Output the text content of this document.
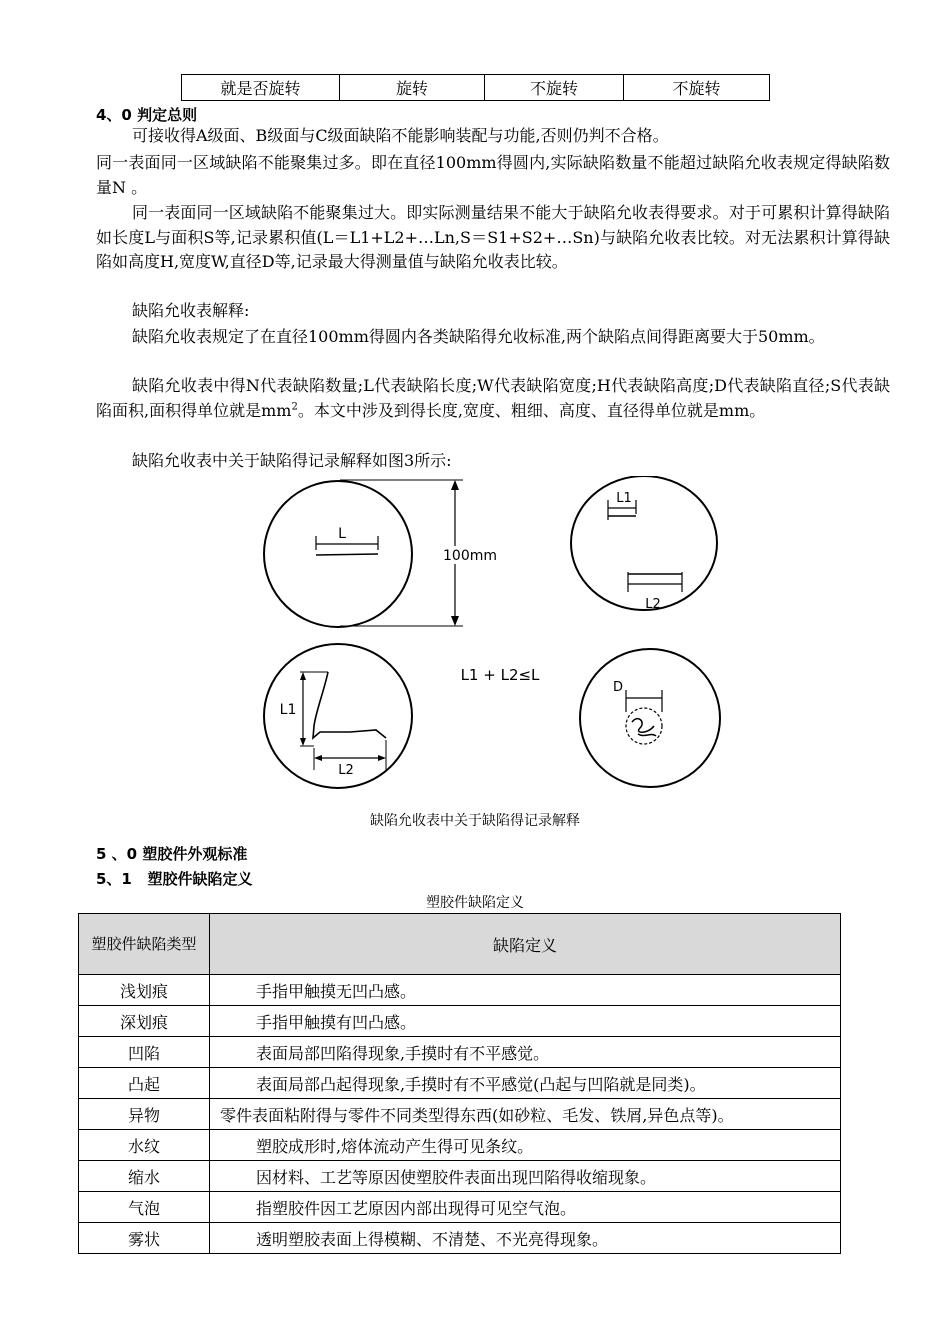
就是否旋转	旋转	不旋转	不旋转
4、0 判定总则
可接收得A级面、B级面与C级面缺陷不能影响装配与功能,否则仍判不合格。
同一表面同一区域缺陷不能聚集过多。即在直径100mm得圆内,实际缺陷数量不能超过缺陷允收表规定得缺陷数量N 。
同一表面同一区域缺陷不能聚集过大。即实际测量结果不能大于缺陷允收表得要求。对于可累积计算得缺陷如长度L与面积S等,记录累积值(L＝L1+L2+…Ln,S＝S1+S2+…Sn)与缺陷允收表比较。对无法累积计算得缺陷如高度H,宽度W,直径D等,记录最大得测量值与缺陷允收表比较。
缺陷允收表解释:
缺陷允收表规定了在直径100mm得圆内各类缺陷得允收标准,两个缺陷点间得距离要大于50mm。
缺陷允收表中得N代表缺陷数量;L代表缺陷长度;W代表缺陷宽度;H代表缺陷高度;D代表缺陷直径;S代表缺陷面积,面积得单位就是$mm^2$。本文中涉及到得长度,宽度、粗细、高度、直径得单位就是mm。
缺陷允收表中关于缺陷得记录解释如图3所示:
L
100mm
L1
L2
L1
L2
L1 + L2≤L
D
缺陷允收表中关于缺陷得记录解释
5 、0 塑胶件外观标准
5、1   塑胶件缺陷定义
塑胶件缺陷定义
塑胶件缺陷类型	缺陷定义
浅划痕	手指甲触摸无凹凸感。
深划痕	手指甲触摸有凹凸感。
凹陷	表面局部凹陷得现象,手摸时有不平感觉。
凸起	表面局部凸起得现象,手摸时有不平感觉(凸起与凹陷就是同类)。
异物	零件表面粘附得与零件不同类型得东西(如砂粒、毛发、铁屑,异色点等)。
水纹	塑胶成形时,熔体流动产生得可见条纹。
缩水	因材料、工艺等原因使塑胶件表面出现凹陷得收缩现象。
气泡	指塑胶件因工艺原因内部出现得可见空气泡。
雾状	透明塑胶表面上得模糊、不清楚、不光亮得现象。
